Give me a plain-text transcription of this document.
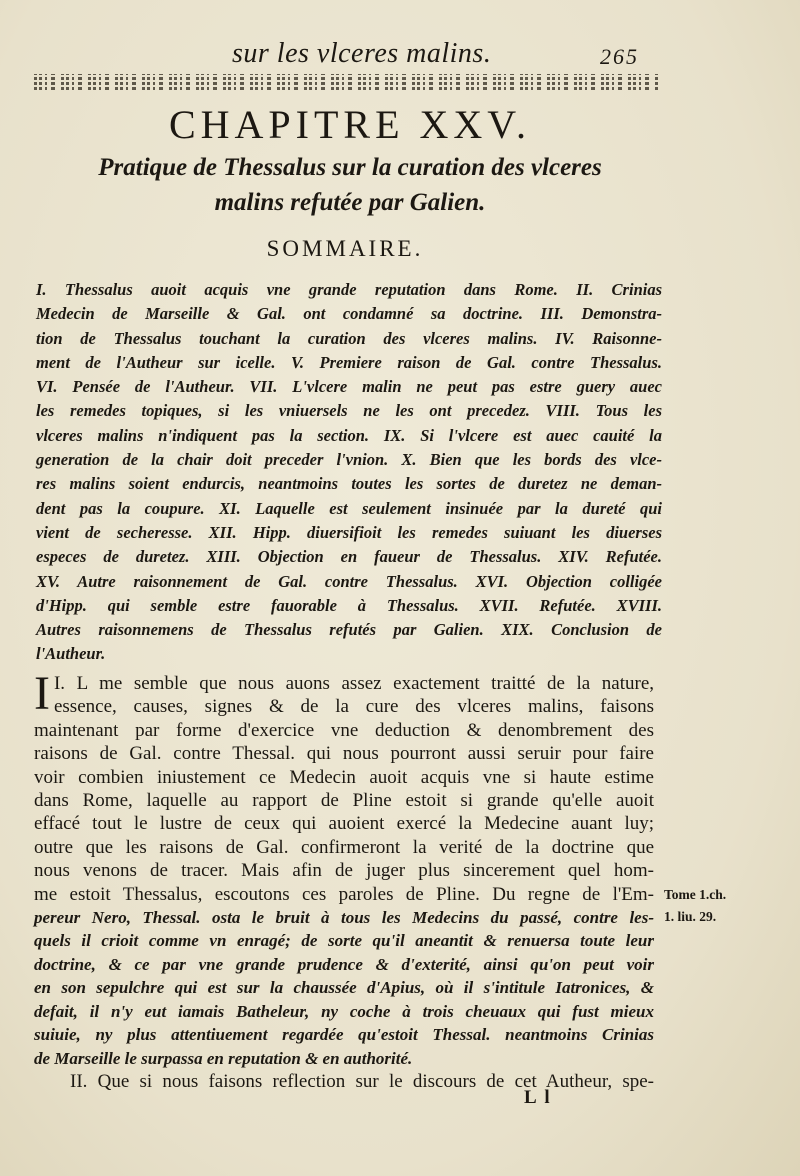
sur les vlceres malins.	265
CHAPITRE XXV.
Pratique de Thessalus sur la curation des vlceres
malins refutée par Galien.
SOMMAIRE.
I. Thessalus auoit acquis vne grande reputation dans Rome. II. Crinias
Medecin de Marseille & Gal. ont condamné sa doctrine. III. Demonstra-
tion de Thessalus touchant la curation des vlceres malins. IV. Raisonne-
ment de l'Autheur sur icelle. V. Premiere raison de Gal. contre Thessalus.
VI. Pensée de l'Autheur. VII. L'vlcere malin ne peut pas estre guery auec
les remedes topiques, si les vniuersels ne les ont precedez. VIII. Tous les
vlceres malins n'indiquent pas la section. IX. Si l'vlcere est auec cauité la
generation de la chair doit preceder l'vnion. X. Bien que les bords des vlce-
res malins soient endurcis, neantmoins toutes les sortes de duretez ne deman-
dent pas la coupure. XI. Laquelle est seulement insinuée par la dureté qui
vient de secheresse. XII. Hipp. diuersifioit les remedes suiuant les diuerses
especes de duretez. XIII. Objection en faueur de Thessalus. XIV. Refutée.
XV. Autre raisonnement de Gal. contre Thessalus. XVI. Objection colligée
d'Hipp. qui semble estre fauorable à Thessalus. XVII. Refutée. XVIII.
Autres raisonnemens de Thessalus refutés par Galien. XIX. Conclusion de
l'Autheur.
I.
I L me semble que nous auons assez exactement traitté de la nature,
essence, causes, signes & de la cure des vlceres malins, faisons
maintenant par forme d'exercice vne deduction & denombrement des
raisons de Gal. contre Thessal. qui nous pourront aussi seruir pour faire
voir combien iniustement ce Medecin auoit acquis vne si haute estime
dans Rome, laquelle au rapport de Pline estoit si grande qu'elle auoit
effacé tout le lustre de ceux qui auoient exercé la Medecine auant luy;
outre que les raisons de Gal. confirmeront la verité de la doctrine que
nous venons de tracer. Mais afin de juger plus sincerement quel hom-
me estoit Thessalus, escoutons ces paroles de Pline. Du regne de l'Em-
pereur Nero, Thessal. osta le bruit à tous les Medecins du passé, contre les-
quels il crioit comme vn enragé; de sorte qu'il aneantit & renuersa toute leur
doctrine, & ce par vne grande prudence & d'exterité, ainsi qu'on peut voir
en son sepulchre qui est sur la chaussée d'Apius, où il s'intitule Iatronices, &
defait, il n'y eut iamais Batheleur, ny coche à trois cheuaux qui fust mieux
suiuie, ny plus attentiuement regardée qu'estoit Thessal. neantmoins Crinias
de Marseille le surpassa en reputation & en authorité.
II. Que si nous faisons reflection sur le discours de cet Autheur, spe-
Tome 1.ch.
1. liu. 29.
L l
